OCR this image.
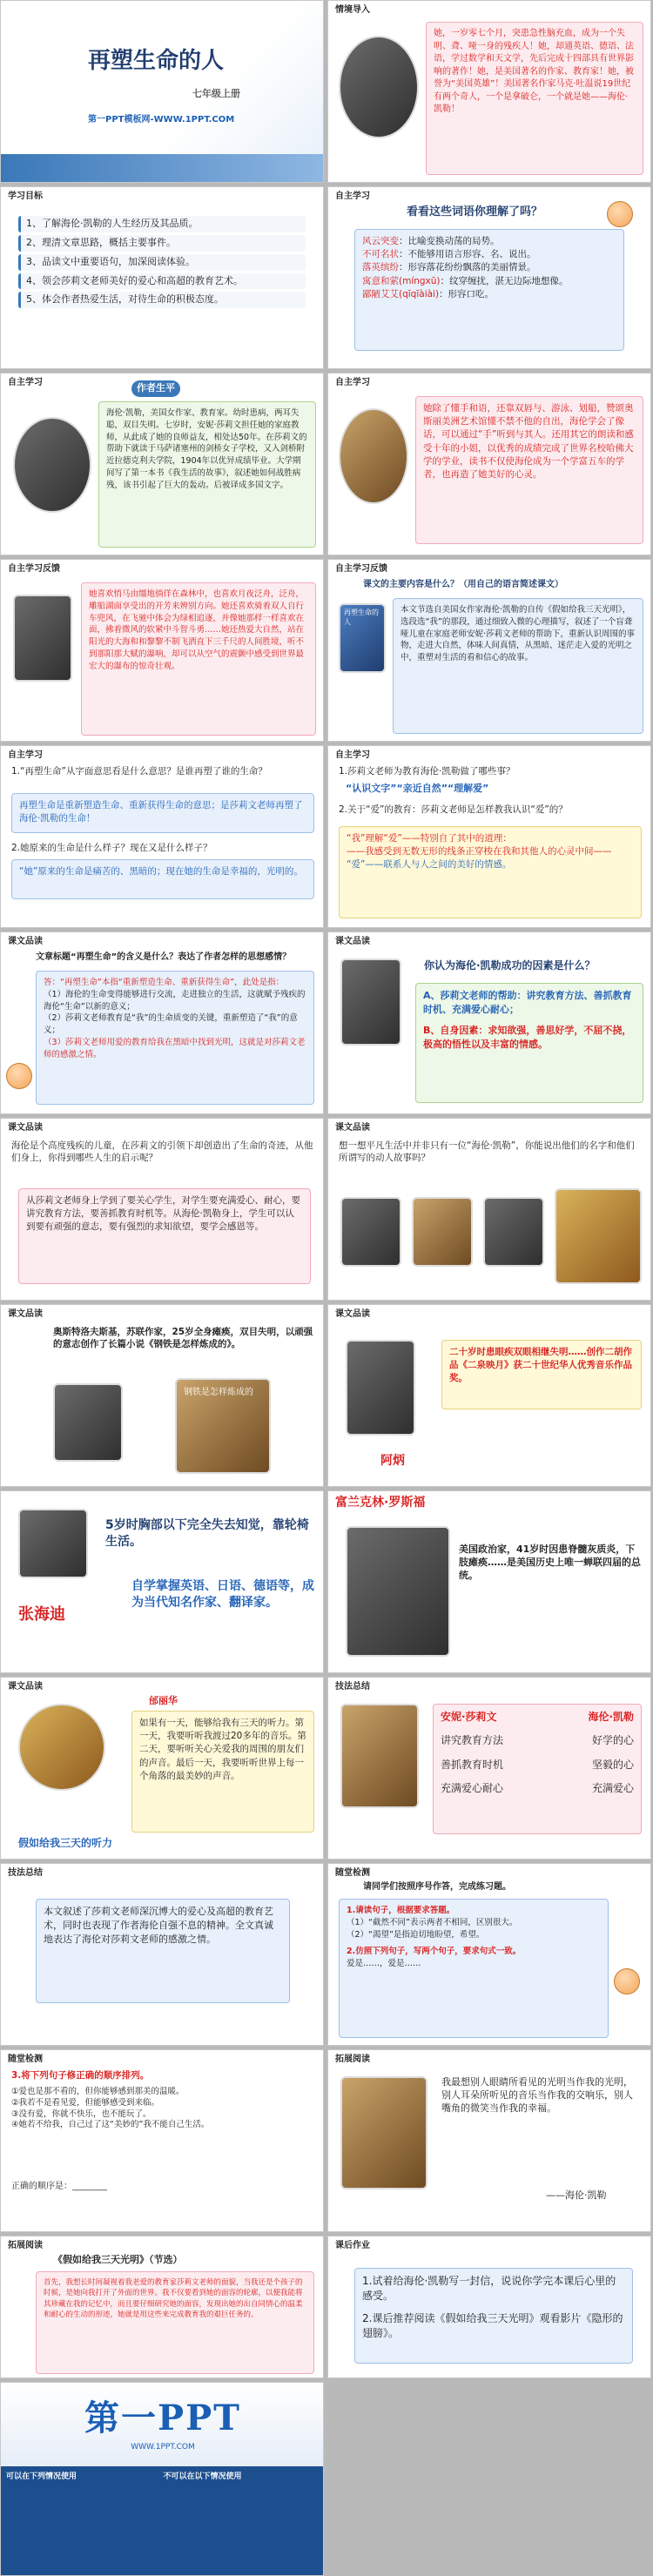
再塑生命的人
七年级上册
第一PPT模板网-WWW.1PPT.COM
情境导入
她，一岁零七个月，突患急性脑充血，成为一个失明、聋、哑一身的残疾人！她，却通英语、德语、法语，学过数学和天文学，先后完成十四部具有世界影响的著作！她，是美国著名的作家、教育家！她，被誉为“美国英雄”！美国著名作家马克·吐温说19世纪有两个奇人，一个是拿破仑，一个就是她——海伦·凯勒！
学习目标
1、了解海伦·凯勒的人生经历及其品质。
2、理清文章思路，概括主要事件。
3、品读文中重要语句，加深阅读体验。
4、领会莎莉文老师美好的爱心和高超的教育艺术。
5、体会作者热爱生活，对待生命的积极态度。
自主学习
看看这些词语你理解了吗？
风云突变：比喻变换动荡的局势。
不可名状：不能够用语言形容、名、说出。
落英缤纷：形容落花纷纷飘落的美丽情景。
寓意和萦(míngxū)：纹穿缠扰，湛无边际地想像。
鄙陋艾艾(qīqīàiài)：形容口吃。
自主学习	作者生平
海伦·凯勒，美国女作家、教育家。幼时患病，两耳失聪，双目失明。七岁时，安妮·莎莉文担任她的家庭教师，从此成了她的良师益友，相处达50年。在莎莉文的帮助下就读于马萨诸塞州的剑桥女子学校，又入剑桥附近拉德克利夫学院，1904年以优异成绩毕业。大学期间写了第一本书《我生活的故事》，叙述她如何战胜病残，该书引起了巨大的轰动。后被译成多国文字。
自主学习
她除了懂手和语，还靠双唇与、游泳、划船，赞颂奥斯丽美洲艺术馆懂不禁不他的自出，海伦学会了像话，可以通过“手”听到与其人。还用其它的朗读和感受十年的小姐，以优秀的成绩完成了世界名校哈佛大学的学业，读书不仅使海伦成为一个学富五车的学者，也再造了她美好的心灵。
自主学习反馈
她喜欢悄马由缰地徜徉在森林中，也喜欢月夜泛舟，泛舟，雕船湖面享受出的开芳来辨别方向。她还喜欢骑着双人自行车兜风，在飞驰中体会为绿相追逐，并像她那样一样喜欢在面，拂着微风的软紧中斗智斗勇……她还热爱大自然，站在阳光的大海和和黎黎不制飞洒直下三千尺的人间胜境，听不到那阳那大赋的瀑响，却可以从空气的震颤中感受到世界最宏大的瀑布的惊奇壮观。
自主学习反馈
课文的主要内容是什么？（用自己的语言简述课文）
再塑生命的人
本文节选自美国女作家海伦·凯勒的自传《假如给我三天光明》，选段选“我”的那段，通过细致入微的心理描写，叙述了一个盲聋哑儿童在家庭老师安妮·莎莉文老师的帮助下，重新认识周围的事物，走进大自然，体味人间真情，从黑暗、迷茫走入爱的光明之中，重塑对生活的看和信心的故事。
自主学习
1.“再塑生命”从字面意思看是什么意思？是谁再塑了谁的生命？
再塑生命是重新塑造生命、重新获得生命的意思；是莎莉文老师再塑了海伦·凯勒的生命！
2.她原来的生命是什么样子？现在又是什么样子？
“她”原来的生命是痛苦的、黑暗的；现在她的生命是幸福的，光明的。
自主学习
1.莎莉文老师为教育海伦·凯勒做了哪些事？
“认识文字”“亲近自然”“理解爱”
2.关于“爱”的教育：莎莉文老师是怎样教我认识“爱”的？
“我”理解“爱”——特别自了其中的道理：
——我感受到无数无形的线条正穿梭在我和其他人的心灵中间——
“爱”——联系人与人之间的美好的情感。
课文品读
文章标题“再塑生命”的含义是什么？表达了作者怎样的思想感情？
答：“再塑生命”本指“重新塑造生命、重新获得生命”，此处是指：
（1）海伦的生命变得能够进行交流，走进独立的生活，这就赋予残疾的海伦“生命”以新的意义；
（2）莎莉文老师教育是“我”的生命质变的关键，重新塑造了“我”的意义；
（3）莎莉文老师用爱的教育给我在黑暗中找到光明，这就是对莎莉文老师的感激之情。
课文品读
你认为海伦·凯勒成功的因素是什么？
A、莎莉文老师的帮助：讲究教育方法、善抓教育时机、充满爱心耐心；
B、自身因素：求知欲强，善思好学，不屈不挠，极高的悟性以及丰富的情感。
课文品读
海伦是个高度残疾的儿童，在莎莉文的引领下却创造出了生命的奇迹，从他们身上，你得到哪些人生的启示呢？
从莎莉文老师身上学到了要关心学生，对学生要充满爱心、耐心，要讲究教育方法，要善抓教育时机等。从海伦·凯勒身上，学生可以认到要有顽强的意志，要有强烈的求知欲望，要学会感恩等。
课文品读
想一想平凡生活中并非只有一位“海伦·凯勒”，你能说出他们的名字和他们所谓写的动人故事吗？
课文品读
奥斯特洛夫斯基，苏联作家，25岁全身瘫痪，双目失明，以顽强的意志创作了长篇小说《钢铁是怎样炼成的》。
钢铁是怎样炼成的
课文品读
二十岁时患眼疾双眼相继失明……创作二胡作品《二泉映月》获二十世纪华人优秀音乐作品奖。
阿炳
5岁时胸部以下完全失去知觉，靠轮椅生活。
张海迪
自学掌握英语、日语、德语等，成为当代知名作家、翻译家。
富兰克林·罗斯福
美国政治家，41岁时因患脊髓灰质炎，下肢瘫痪……是美国历史上唯一蝉联四届的总统。
课文品读
邰丽华
如果有一天，能够给我有三天的听力。第一天，我要听听我渡过20多年的音乐。第二天，要听听关心关爱我的周围的朋友们的声音。最后一天，我要听听世界上每一个角落的最美妙的声音。
假如给我三天的听力
技法总结
安妮·莎莉文	海伦·凯勒
讲究教育方法	好学的心
善抓教育时机	坚毅的心
充满爱心耐心	充满爱心
技法总结
本文叙述了莎莉文老师深沉博大的爱心及高超的教育艺术，同时也表现了作者海伦自强不息的精神。全文真诚地表达了海伦对莎莉文老师的感激之情。
随堂检测
请同学们按照序号作答，完成练习题。
1.请读句子，根据要求答题。
（1）“截然不同”表示两者不相同，区别很大。
（2）“渴望”是指迫切地盼望，希望。
2.仿照下列句子，写两个句子，要求句式一致。
爱是……，爱是……
随堂检测
3.将下列句子修正确的顺序排列。
①爱也是那不看的，但你能够感到那美的温暖。
②我若不是看见爱，但能够感受到来临。
③没有爱，你就不快乐，也不能玩了。
④她若不给我，自己过了这“美妙的”我不能自己生活。
正确的顺序是：________
拓展阅读
我最想别人眼睛所看见的光明当作我的光明，别人耳朵所听见的音乐当作我的交响乐，别人嘴角的微笑当作我的幸福。
——海伦·凯勒
拓展阅读
《假如给我三天光明》（节选）
首先，我想长时间凝视着我老爱的教育家莎莉文老师的面貌，当我还是个孩子的时候，是她向我打开了外面的世界。我不仅要看到她的面容的轮廓，以便我能将其珍藏在我的记忆中，而且要仔细研究她的面容，发现出她的出自同情心的温柔和耐心的生动的形迹，她就是用这些来完成教育我的艰巨任务的。
课后作业
1.试着给海伦·凯勒写一封信，说说你学完本课后心里的感受。
2.课后推荐阅读《假如给我三天光明》观看影片《隐形的翅膀》。
第一PPT
WWW.1PPT.COM
可以在下列情况使用
	不可以在以下情况使用
